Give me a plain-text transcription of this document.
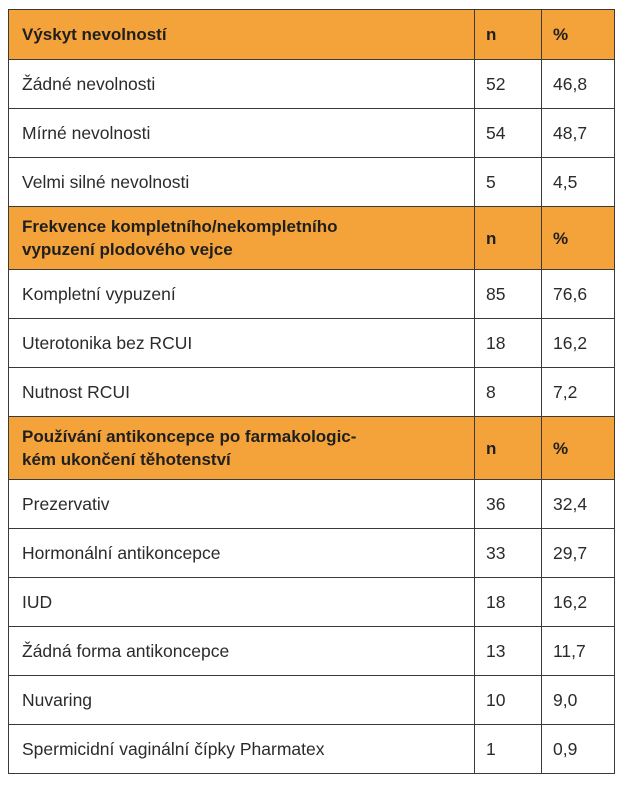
Výskyt nevolností	n	%
Žádné nevolnosti	52	46,8
Mírné nevolnosti	54	48,7
Velmi silné nevolnosti	5	4,5
Frekvence kompletního/nekompletního
vypuzení plodového vejce	n	%
Kompletní vypuzení	85	76,6
Uterotonika bez RCUI	18	16,2
Nutnost RCUI	8	7,2
Používání antikoncepce po farmakologic-
kém ukončení těhotenství	n	%
Prezervativ	36	32,4
Hormonální antikoncepce	33	29,7
IUD	18	16,2
Žádná forma antikoncepce	13	11,7
Nuvaring	10	9,0
Spermicidní vaginální čípky Pharmatex	1	0,9
